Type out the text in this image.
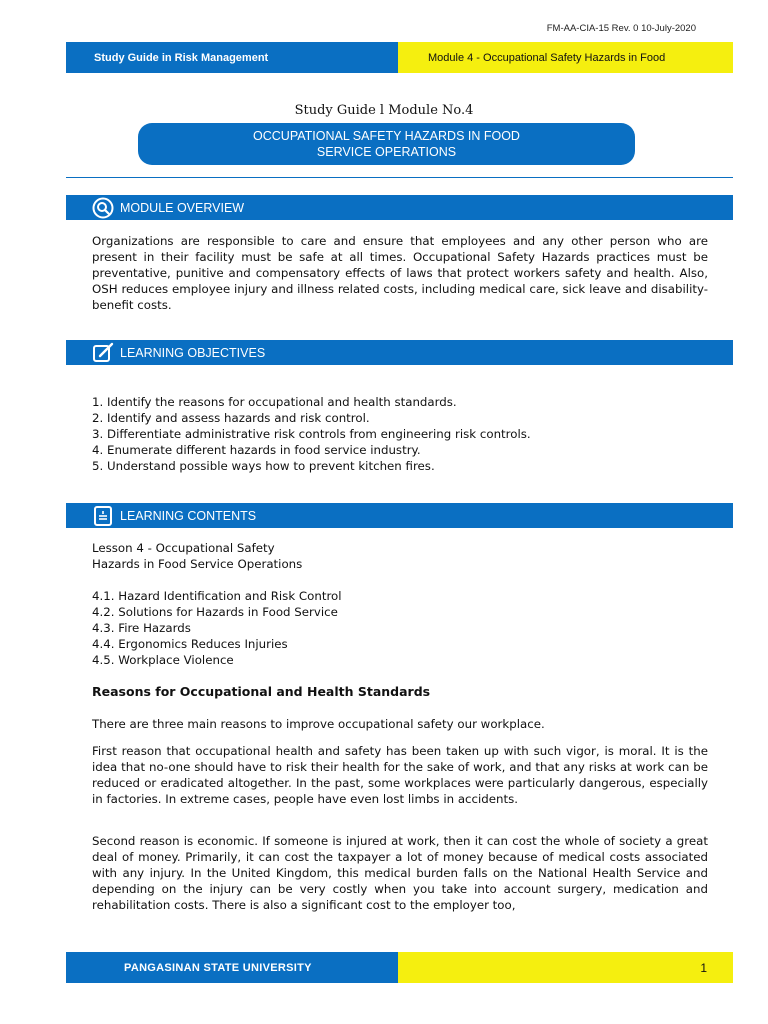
FM-AA-CIA-15 Rev. 0 10-July-2020
Study Guide in Risk Management	Module 4 - Occupational Safety Hazards in Food
Study Guide l Module No.4
OCCUPATIONAL SAFETY HAZARDS IN FOOD
SERVICE OPERATIONS
MODULE OVERVIEW

Organizations are responsible to care and ensure that employees and any other person who are present in their facility must be safe at all times. Occupational Safety Hazards practices must be preventative, punitive and compensatory effects of laws that protect workers safety and health. Also, OSH reduces employee injury and illness related costs, including medical care, sick leave and disability-benefit costs.

LEARNING OBJECTIVES
1. Identify the reasons for occupational and health standards.
2. Identify and assess hazards and risk control.
3. Differentiate administrative risk controls from engineering risk controls.
4. Enumerate different hazards in food service industry.
5. Understand possible ways how to prevent kitchen fires.
LEARNING CONTENTS
Lesson 4 - Occupational Safety
Hazards in Food Service Operations
4.1. Hazard Identification and Risk Control
4.2. Solutions for Hazards in Food Service
4.3. Fire Hazards
4.4. Ergonomics Reduces Injuries
4.5. Workplace Violence
Reasons for Occupational and Health Standards

There are three main reasons to improve occupational safety our workplace.

First reason that occupational health and safety has been taken up with such vigor, is moral. It is the idea that no-one should have to risk their health for the sake of work, and that any risks at work can be reduced or eradicated altogether. In the past, some workplaces were particularly dangerous, especially in factories. In extreme cases, people have even lost limbs in accidents.

Second reason is economic. If someone is injured at work, then it can cost the whole of society a great deal of money. Primarily, it can cost the taxpayer a lot of money because of medical costs associated with any injury. In the United Kingdom, this medical burden falls on the National Health Service and depending on the injury can be very costly when you take into account surgery, medication and rehabilitation costs. There is also a significant cost to the employer too,

PANGASINAN STATE UNIVERSITY	1
